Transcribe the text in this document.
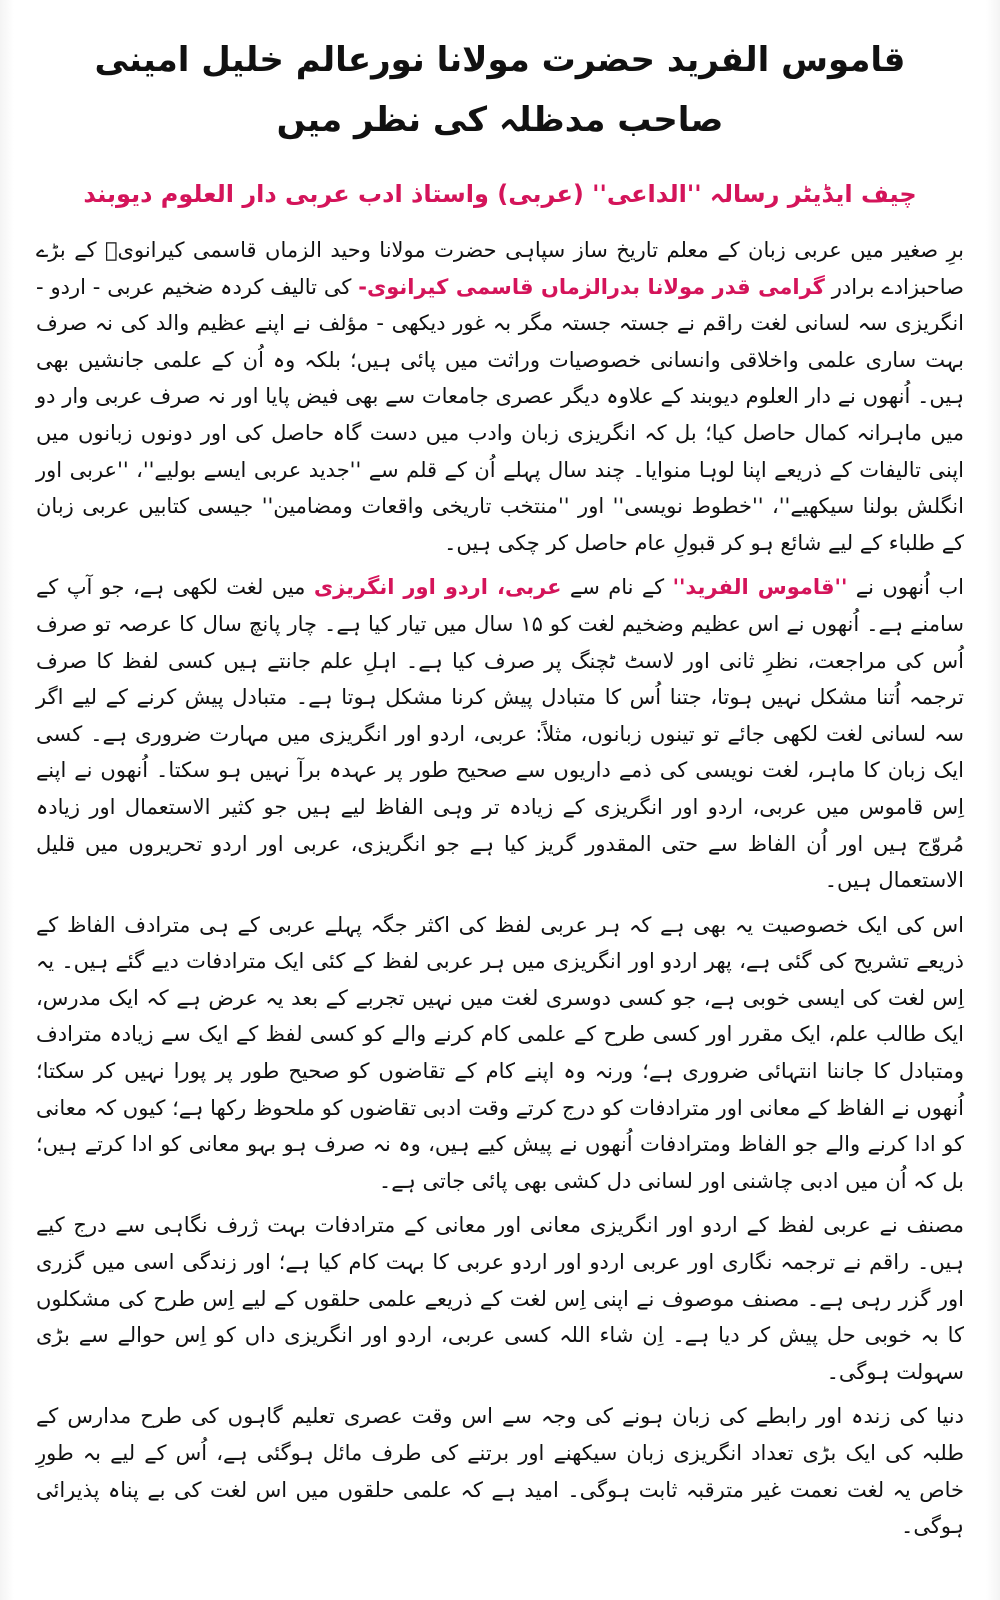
قاموس الفرید حضرت مولانا نورعالم خلیل امینی صاحب مدظلہ کی نظر میں
چیف ایڈیٹر رسالہ ''الداعی'' (عربی) واستاذ ادب عربی دار العلوم دیوبند

برِ صغیر میں عربی زبان کے معلم تاریخ ساز سپاہی حضرت مولانا وحید الزماں قاسمی کیرانویؒ کے بڑے صاحبزادے برادر گرامی قدر مولانا بدرالزماں قاسمی کیرانوی- کی تالیف کردہ ضخیم عربی - اردو - انگریزی سہ لسانی لغت راقم نے جستہ جستہ مگر بہ غور دیکھی - مؤلف نے اپنے عظیم والد کی نہ صرف بہت ساری علمی واخلاقی وانسانی خصوصیات وراثت میں پائی ہیں؛ بلکہ وہ اُن کے علمی جانشیں بھی ہیں۔ اُنھوں نے دار العلوم دیوبند کے علاوہ دیگر عصری جامعات سے بھی فیض پایا اور نہ صرف عربی وار دو میں ماہرانہ کمال حاصل کیا؛ بل کہ انگریزی زبان وادب میں دست گاہ حاصل کی اور دونوں زبانوں میں اپنی تالیفات کے ذریعے اپنا لوہا منوایا۔ چند سال پہلے اُن کے قلم سے ''جدید عربی ایسے بولیے''، ''عربی اور انگلش بولنا سیکھیے''، ''خطوط نویسی'' اور ''منتخب تاریخی واقعات ومضامین'' جیسی کتابیں عربی زبان کے طلباء کے لیے شائع ہو کر قبولِ عام حاصل کر چکی ہیں۔

اب اُنھوں نے ''قاموس الفرید'' کے نام سے عربی، اردو اور انگریزی میں لغت لکھی ہے، جو آپ کے سامنے ہے۔ اُنھوں نے اس عظیم وضخیم لغت کو ۱۵ سال میں تیار کیا ہے۔ چار پانچ سال کا عرصہ تو صرف اُس کی مراجعت، نظرِ ثانی اور لاسٹ ٹچنگ پر صرف کیا ہے۔ اہلِ علم جانتے ہیں کسی لفظ کا صرف ترجمہ اُتنا مشکل نہیں ہوتا، جتنا اُس کا متبادل پیش کرنا مشکل ہوتا ہے۔ متبادل پیش کرنے کے لیے اگر سہ لسانی لغت لکھی جائے تو تینوں زبانوں، مثلاً: عربی، اردو اور انگریزی میں مہارت ضروری ہے۔ کسی ایک زبان کا ماہر، لغت نویسی کی ذمے داریوں سے صحیح طور پر عہدہ برآ نہیں ہو سکتا۔ اُنھوں نے اپنے اِس قاموس میں عربی، اردو اور انگریزی کے زیادہ تر وہی الفاظ لیے ہیں جو کثیر الاستعمال اور زیادہ مُروّج ہیں اور اُن الفاظ سے حتی المقدور گریز کیا ہے جو انگریزی، عربی اور اردو تحریروں میں قلیل الاستعمال ہیں۔

اس کی ایک خصوصیت یہ بھی ہے کہ ہر عربی لفظ کی اکثر جگہ پہلے عربی کے ہی مترادف الفاظ کے ذریعے تشریح کی گئی ہے، پھر اردو اور انگریزی میں ہر عربی لفظ کے کئی ایک مترادفات دیے گئے ہیں۔ یہ اِس لغت کی ایسی خوبی ہے، جو کسی دوسری لغت میں نہیں تجربے کے بعد یہ عرض ہے کہ ایک مدرس، ایک طالب علم، ایک مقرر اور کسی طرح کے علمی کام کرنے والے کو کسی لفظ کے ایک سے زیادہ مترادف ومتبادل کا جاننا انتہائی ضروری ہے؛ ورنہ وہ اپنے کام کے تقاضوں کو صحیح طور پر پورا نہیں کر سکتا؛ اُنھوں نے الفاظ کے معانی اور مترادفات کو درج کرتے وقت ادبی تقاضوں کو ملحوظ رکھا ہے؛ کیوں کہ معانی کو ادا کرنے والے جو الفاظ ومترادفات اُنھوں نے پیش کیے ہیں، وہ نہ صرف ہو بہو معانی کو ادا کرتے ہیں؛ بل کہ اُن میں ادبی چاشنی اور لسانی دل کشی بھی پائی جاتی ہے۔

مصنف نے عربی لفظ کے اردو اور انگریزی معانی اور معانی کے مترادفات بہت ژرف نگاہی سے درج کیے ہیں۔ راقم نے ترجمہ نگاری اور عربی اردو اور اردو عربی کا بہت کام کیا ہے؛ اور زندگی اسی میں گزری اور گزر رہی ہے۔ مصنف موصوف نے اپنی اِس لغت کے ذریعے علمی حلقوں کے لیے اِس طرح کی مشکلوں کا بہ خوبی حل پیش کر دیا ہے۔ اِن شاء اللہ کسی عربی، اردو اور انگریزی داں کو اِس حوالے سے بڑی سہولت ہوگی۔

دنیا کی زندہ اور رابطے کی زبان ہونے کی وجہ سے اس وقت عصری تعلیم گاہوں کی طرح مدارس کے طلبہ کی ایک بڑی تعداد انگریزی زبان سیکھنے اور برتنے کی طرف مائل ہوگئی ہے، اُس کے لیے بہ طورِ خاص یہ لغت نعمت غیر مترقبہ ثابت ہوگی۔ امید ہے کہ علمی حلقوں میں اس لغت کی بے پناہ پذیرائی ہوگی۔
